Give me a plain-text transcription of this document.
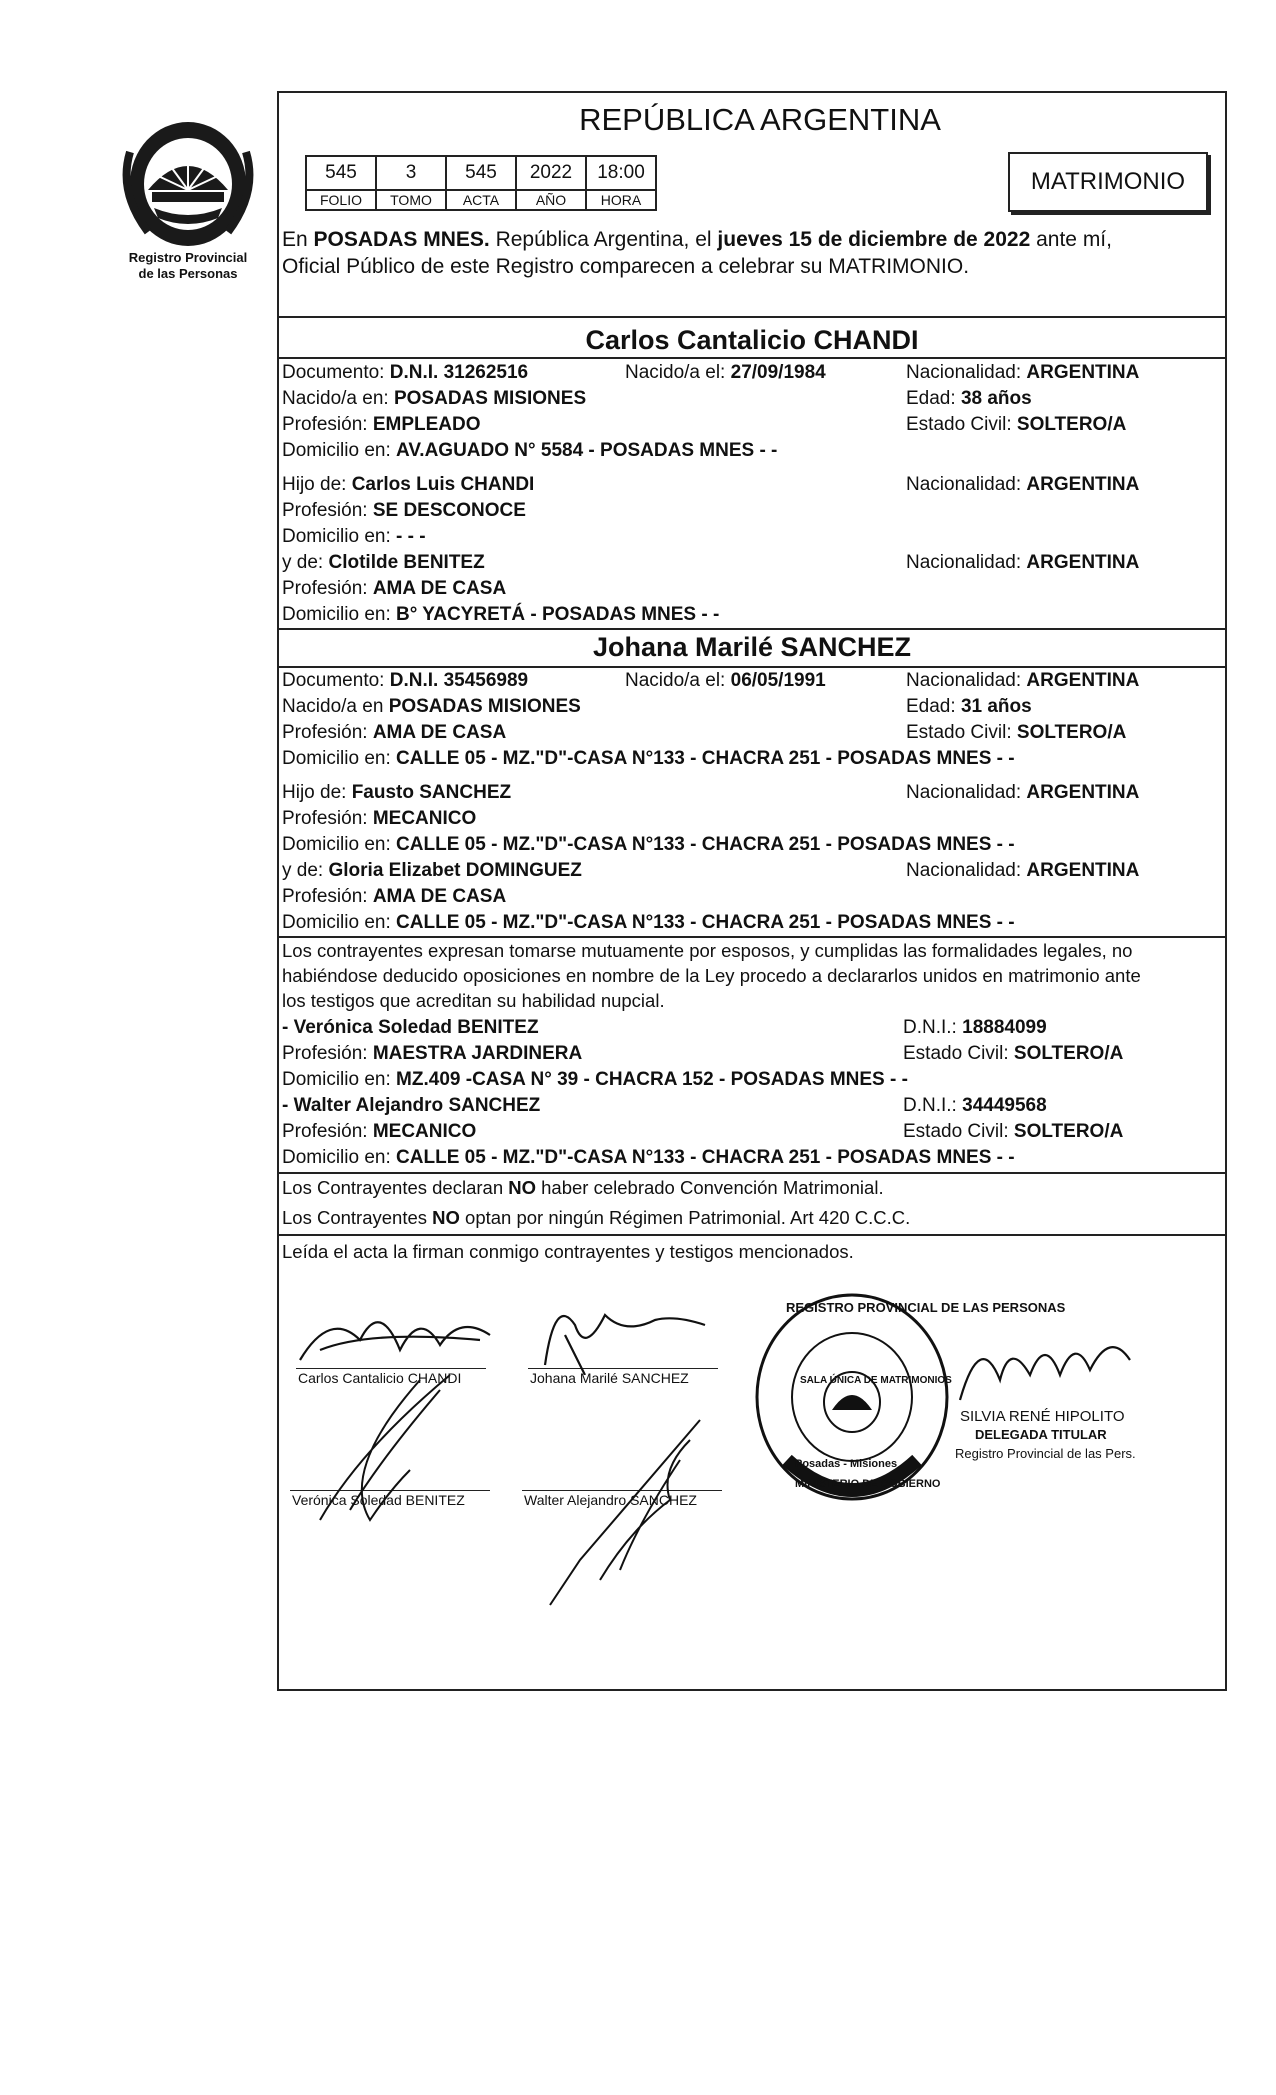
Registro Provincial
de las Personas
REPÚBLICA ARGENTINA
545	3	545	2022	18:00
FOLIO	TOMO	ACTA	AÑO	HORA
MATRIMONIO
En POSADAS MNES. República Argentina, el jueves 15 de diciembre de 2022 ante mí,
Oficial Público de este Registro comparecen a celebrar su MATRIMONIO.
Carlos Cantalicio CHANDI
Documento: D.N.I. 31262516	Nacido/a el: 27/09/1984	Nacionalidad: ARGENTINA
Nacido/a en: POSADAS MISIONES	Edad: 38 años
Profesión: EMPLEADO	Estado Civil: SOLTERO/A
Domicilio en: AV.AGUADO N° 5584 - POSADAS MNES - -
Hijo de: Carlos Luis CHANDI	Nacionalidad: ARGENTINA
Profesión: SE DESCONOCE
Domicilio en: - - -
y de: Clotilde BENITEZ	Nacionalidad: ARGENTINA
Profesión: AMA DE CASA
Domicilio en: B° YACYRETÁ - POSADAS MNES - -
Johana Marilé SANCHEZ
Documento: D.N.I. 35456989	Nacido/a el: 06/05/1991	Nacionalidad: ARGENTINA
Nacido/a en POSADAS MISIONES	Edad: 31 años
Profesión: AMA DE CASA	Estado Civil: SOLTERO/A
Domicilio en: CALLE 05 - MZ."D"-CASA N°133 - CHACRA 251 - POSADAS MNES - -
Hijo de: Fausto SANCHEZ	Nacionalidad: ARGENTINA
Profesión: MECANICO
Domicilio en: CALLE 05 - MZ."D"-CASA N°133 - CHACRA 251 - POSADAS MNES - -
y de: Gloria Elizabet DOMINGUEZ	Nacionalidad: ARGENTINA
Profesión: AMA DE CASA
Domicilio en: CALLE 05 - MZ."D"-CASA N°133 - CHACRA 251 - POSADAS MNES - -
Los contrayentes expresan tomarse mutuamente por esposos, y cumplidas las formalidades legales, no
habiéndose deducido oposiciones en nombre de la Ley procedo a declararlos unidos en matrimonio ante
los testigos que acreditan su habilidad nupcial.
- Verónica Soledad BENITEZ	D.N.I.: 18884099
Profesión: MAESTRA JARDINERA	Estado Civil: SOLTERO/A
Domicilio en: MZ.409 -CASA N° 39 - CHACRA 152 - POSADAS MNES - -
- Walter Alejandro SANCHEZ	D.N.I.: 34449568
Profesión: MECANICO	Estado Civil: SOLTERO/A
Domicilio en: CALLE 05 - MZ."D"-CASA N°133 - CHACRA 251 - POSADAS MNES - -
Los Contrayentes declaran NO haber celebrado Convención Matrimonial.
Los Contrayentes NO optan por ningún Régimen Patrimonial. Art 420 C.C.C.
Leída el acta la firman conmigo contrayentes y testigos mencionados.
Carlos Cantalicio CHANDI	Johana Marilé SANCHEZ
Verónica Soledad BENITEZ	Walter Alejandro SANCHEZ
REGISTRO PROVINCIAL DE LAS PERSONAS
SALA ÚNICA DE MATRIMONIOS
Posadas - Misiones
MINISTERIO DE GOBIERNO
SILVIA RENÉ HIPOLITO
DELEGADA TITULAR
Registro Provincial de las Pers.
